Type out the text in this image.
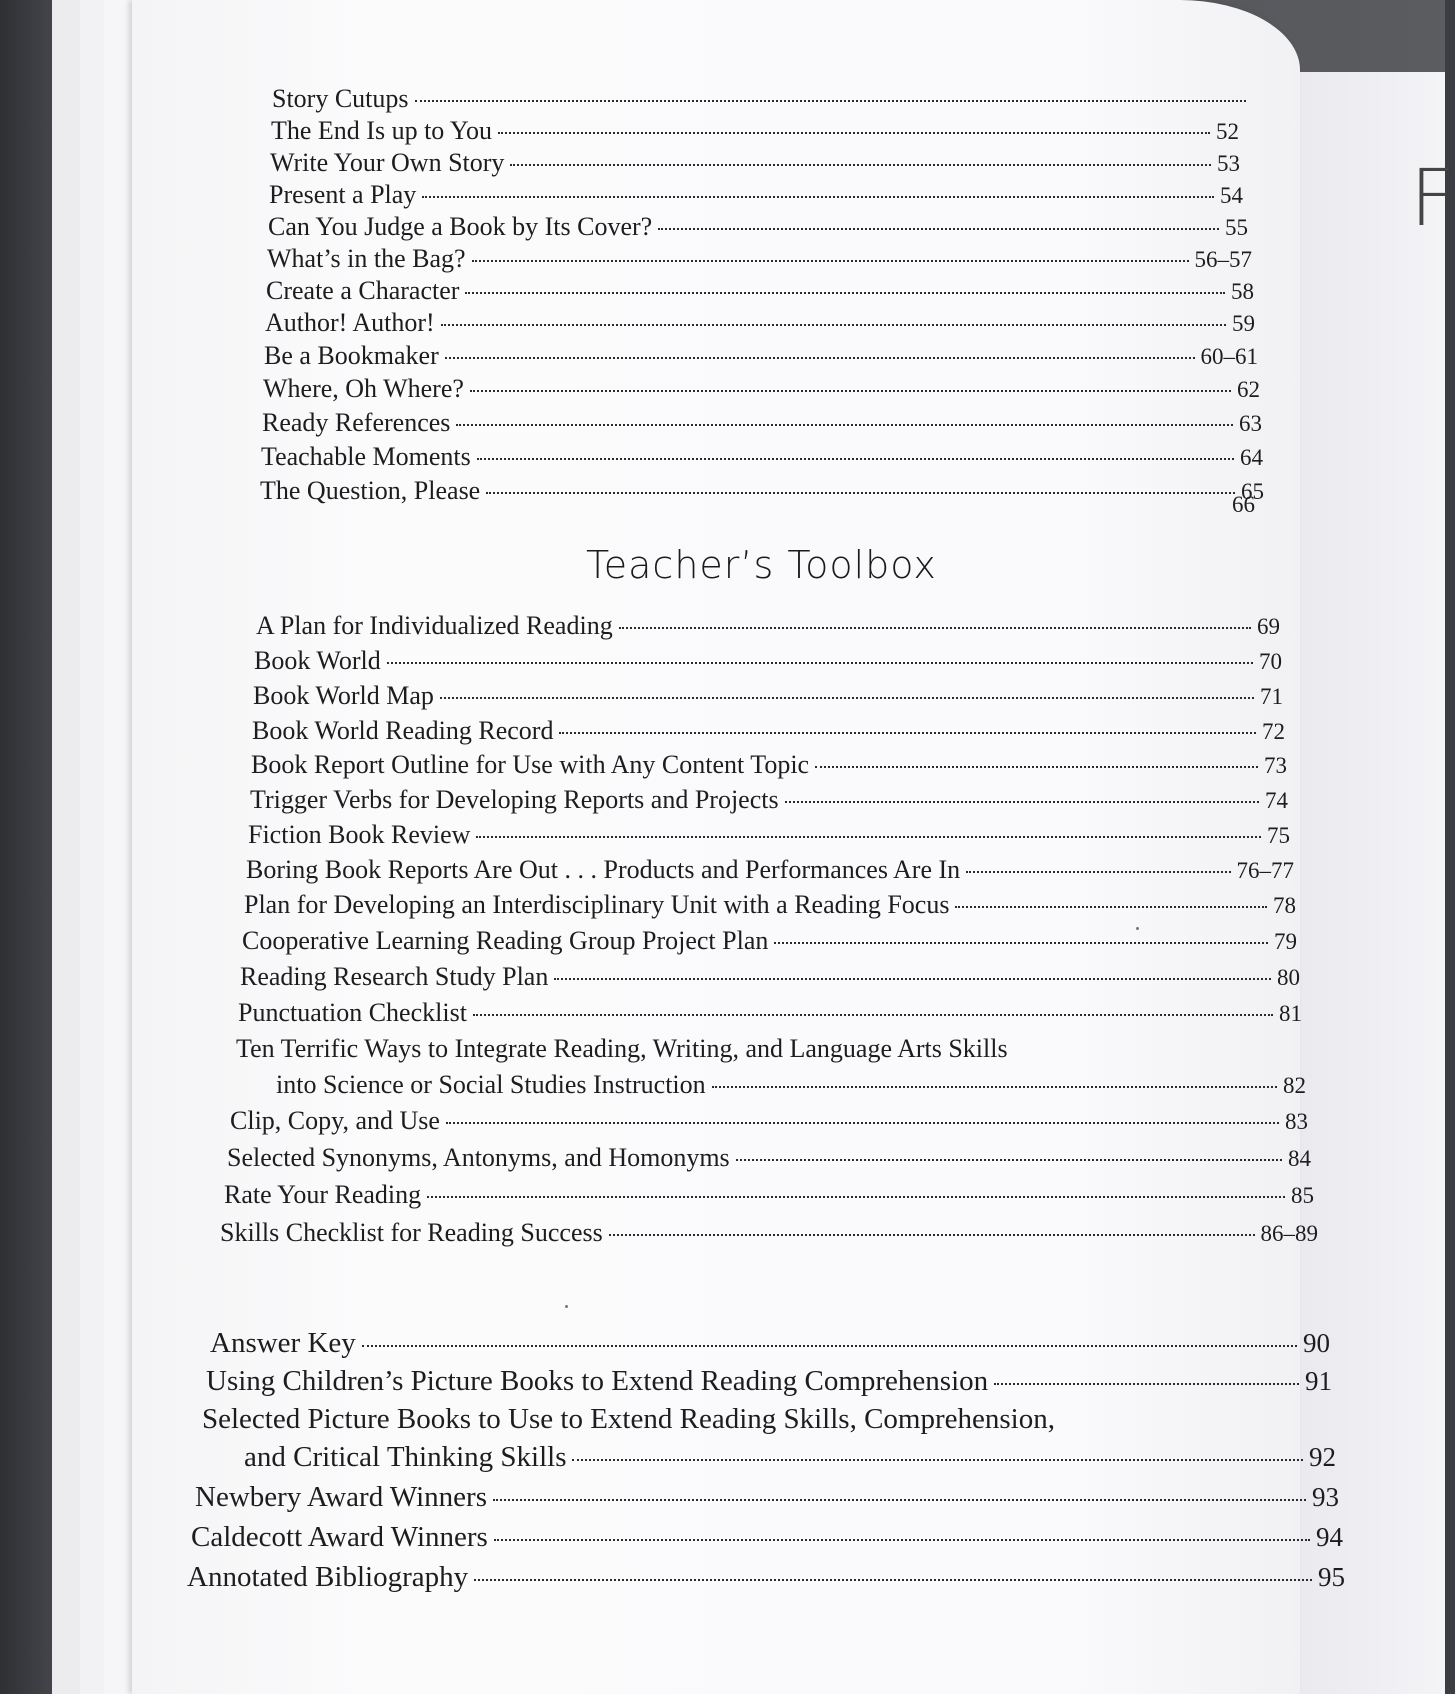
F
Story Cutups
The End Is up to You	52
Write Your Own Story	53
Present a Play	54
Can You Judge a Book by Its Cover?	55
What’s in the Bag?	56–57
Create a Character	58
Author! Author!	59
Be a Bookmaker	60–61
Where, Oh Where?	62
Ready References	63
Teachable Moments	64
The Question, Please	65
66
Teacher’s Toolbox
A Plan for Individualized Reading	69
Book World	70
Book World Map	71
Book World Reading Record	72
Book Report Outline for Use with Any Content Topic	73
Trigger Verbs for Developing Reports and Projects	74
Fiction Book Review	75
Boring Book Reports Are Out . . . Products and Performances Are In	76–77
Plan for Developing an Interdisciplinary Unit with a Reading Focus	78
Cooperative Learning Reading Group Project Plan	79
Reading Research Study Plan	80
Punctuation Checklist	81
Ten Terrific Ways to Integrate Reading, Writing, and Language Arts Skills
into Science or Social Studies Instruction	82
Clip, Copy, and Use	83
Selected Synonyms, Antonyms, and Homonyms	84
Rate Your Reading	85
Skills Checklist for Reading Success	86–89
Answer Key	90
Using Children’s Picture Books to Extend Reading Comprehension	91
Selected Picture Books to Use to Extend Reading Skills, Comprehension,
and Critical Thinking Skills	92
Newbery Award Winners	93
Caldecott Award Winners	94
Annotated Bibliography	95
